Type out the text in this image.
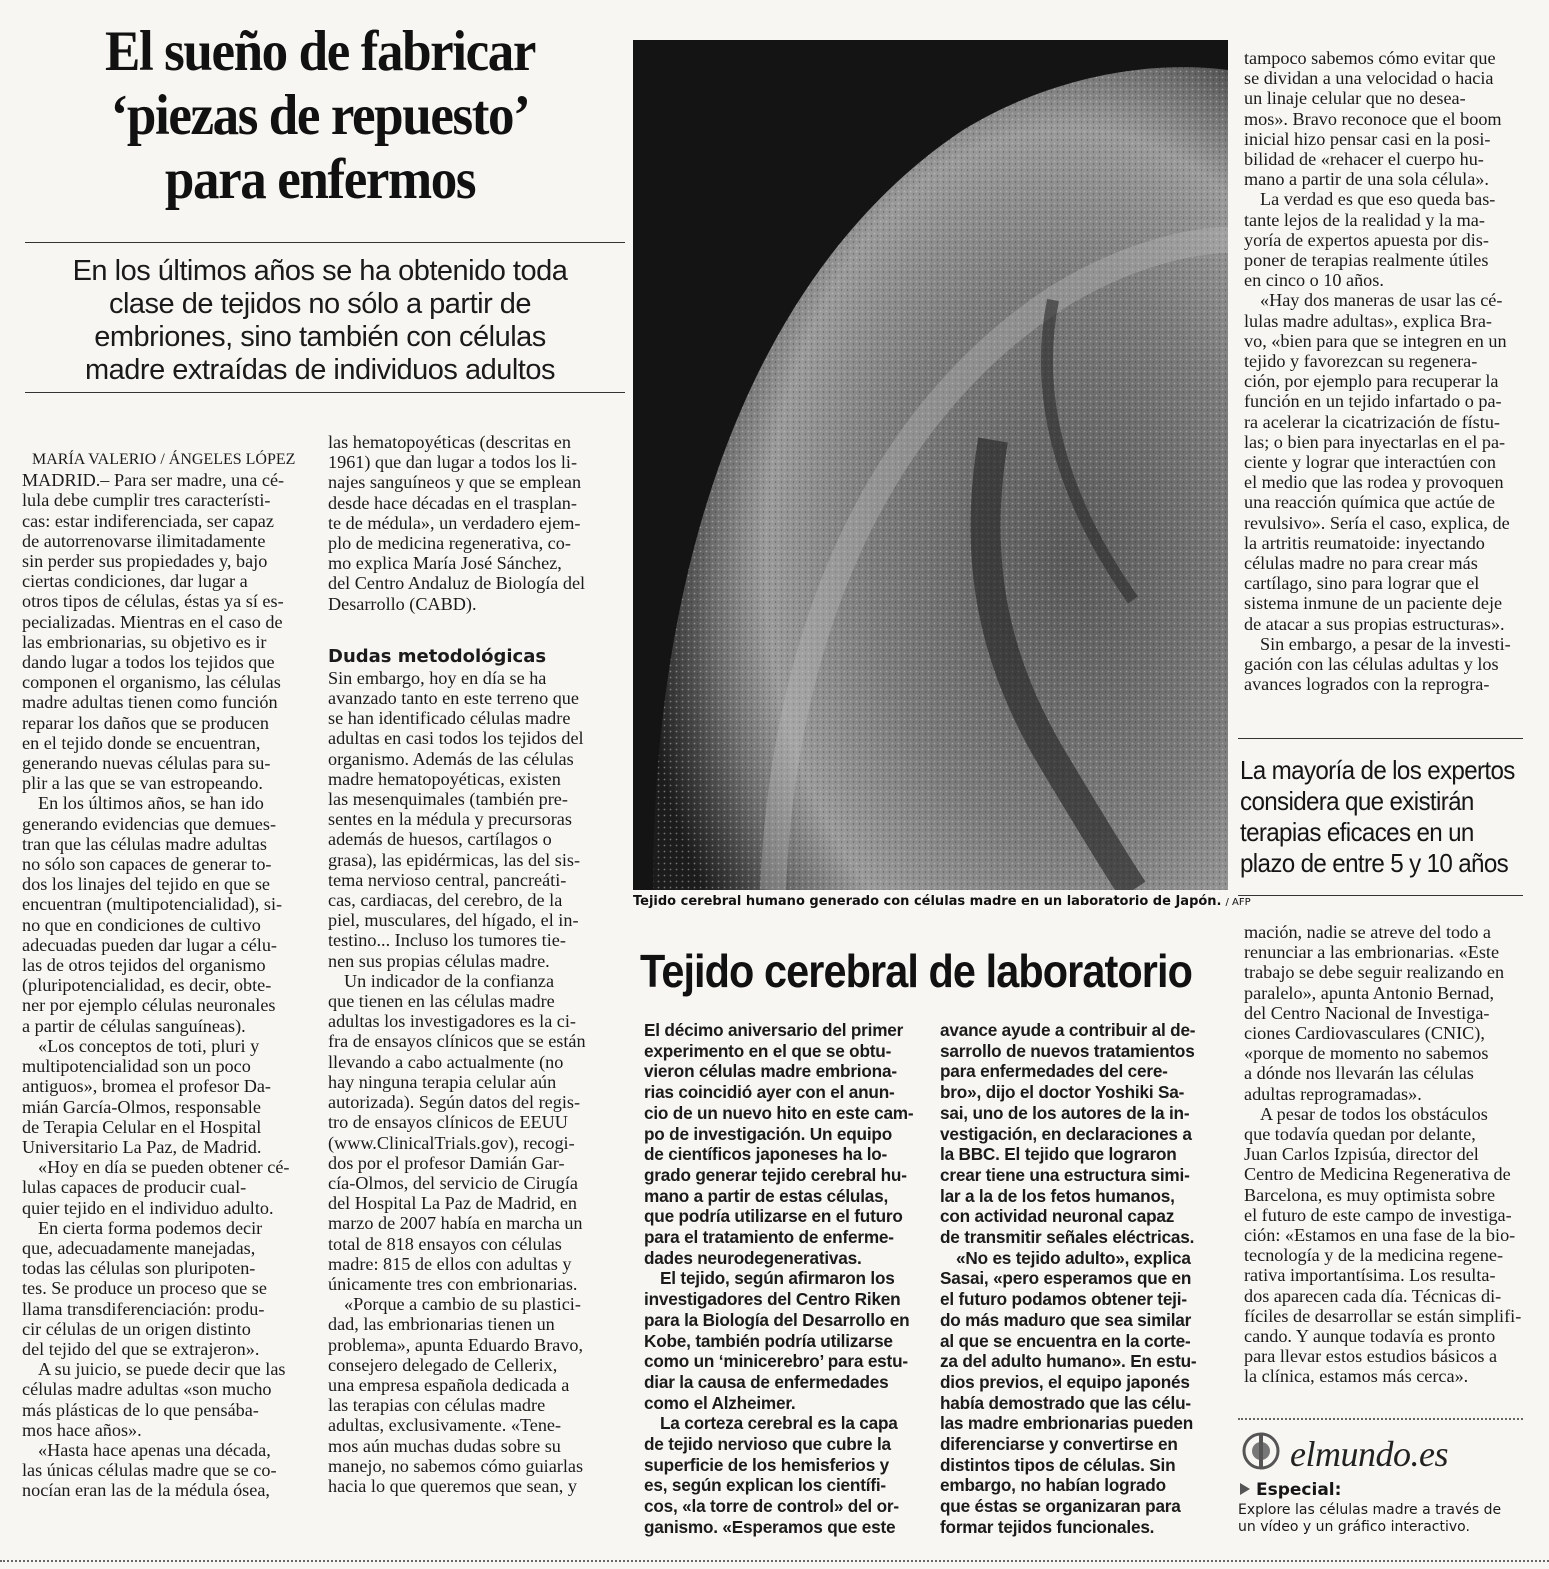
El sueño de fabricar
‘piezas de repuesto’
para enfermos
En los últimos años se ha obtenido toda
clase de tejidos no sólo a partir de
embriones, sino también con células
madre extraídas de individuos adultos

MARÍA VALERIO / ÁNGELES LÓPEZ

MADRID.– Para ser madre, una cé-

lula debe cumplir tres característi-

cas: estar indiferenciada, ser capaz

de autorrenovarse ilimitadamente

sin perder sus propiedades y, bajo

ciertas condiciones, dar lugar a

otros tipos de células, éstas ya sí es-

pecializadas. Mientras en el caso de

las embrionarias, su objetivo es ir

dando lugar a todos los tejidos que

componen el organismo, las células

madre adultas tienen como función

reparar los daños que se producen

en el tejido donde se encuentran,

generando nuevas células para su-

plir a las que se van estropeando.

En los últimos años, se han ido

generando evidencias que demues-

tran que las células madre adultas

no sólo son capaces de generar to-

dos los linajes del tejido en que se

encuentran (multipotencialidad), si-

no que en condiciones de cultivo

adecuadas pueden dar lugar a célu-

las de otros tejidos del organismo

(pluripotencialidad, es decir, obte-

ner por ejemplo células neuronales

a partir de células sanguíneas).

«Los conceptos de toti, pluri y

multipotencialidad son un poco

antiguos», bromea el profesor Da-

mián García-Olmos, responsable

de Terapia Celular en el Hospital

Universitario La Paz, de Madrid.

«Hoy en día se pueden obtener cé-

lulas capaces de producir cual-

quier tejido en el individuo adulto.

En cierta forma podemos decir

que, adecuadamente manejadas,

todas las células son pluripoten-

tes. Se produce un proceso que se

llama transdiferenciación: produ-

cir células de un origen distinto

del tejido del que se extrajeron».

A su juicio, se puede decir que las

células madre adultas «son mucho

más plásticas de lo que pensába-

mos hace años».

«Hasta hace apenas una década,

las únicas células madre que se co-

nocían eran las de la médula ósea,

las hematopoyéticas (descritas en

1961) que dan lugar a todos los li-

najes sanguíneos y que se emplean

desde hace décadas en el trasplan-

te de médula», un verdadero ejem-

plo de medicina regenerativa, co-

mo explica María José Sánchez,

del Centro Andaluz de Biología del

Desarrollo (CABD).

Dudas metodológicas

Sin embargo, hoy en día se ha

avanzado tanto en este terreno que

se han identificado células madre

adultas en casi todos los tejidos del

organismo. Además de las células

madre hematopoyéticas, existen

las mesenquimales (también pre-

sentes en la médula y precursoras

además de huesos, cartílagos o

grasa), las epidérmicas, las del sis-

tema nervioso central, pancreáti-

cas, cardiacas, del cerebro, de la

piel, musculares, del hígado, el in-

testino... Incluso los tumores tie-

nen sus propias células madre.

Un indicador de la confianza

que tienen en las células madre

adultas los investigadores es la ci-

fra de ensayos clínicos que se están

llevando a cabo actualmente (no

hay ninguna terapia celular aún

autorizada). Según datos del regis-

tro de ensayos clínicos de EEUU

(www.ClinicalTrials.gov), recogi-

dos por el profesor Damián Gar-

cía-Olmos, del servicio de Cirugía

del Hospital La Paz de Madrid, en

marzo de 2007 había en marcha un

total de 818 ensayos con células

madre: 815 de ellos con adultas y

únicamente tres con embrionarias.

«Porque a cambio de su plastici-

dad, las embrionarias tienen un

problema», apunta Eduardo Bravo,

consejero delegado de Cellerix,

una empresa española dedicada a

las terapias con células madre

adultas, exclusivamente. «Tene-

mos aún muchas dudas sobre su

manejo, no sabemos cómo guiarlas

hacia lo que queremos que sean, y

Tejido cerebral humano generado con células madre en un laboratorio de Japón. / AFP

tampoco sabemos cómo evitar que

se dividan a una velocidad o hacia

un linaje celular que no desea-

mos». Bravo reconoce que el boom

inicial hizo pensar casi en la posi-

bilidad de «rehacer el cuerpo hu-

mano a partir de una sola célula».

La verdad es que eso queda bas-

tante lejos de la realidad y la ma-

yoría de expertos apuesta por dis-

poner de terapias realmente útiles

en cinco o 10 años.

«Hay dos maneras de usar las cé-

lulas madre adultas», explica Bra-

vo, «bien para que se integren en un

tejido y favorezcan su regenera-

ción, por ejemplo para recuperar la

función en un tejido infartado o pa-

ra acelerar la cicatrización de fístu-

las; o bien para inyectarlas en el pa-

ciente y lograr que interactúen con

el medio que las rodea y provoquen

una reacción química que actúe de

revulsivo». Sería el caso, explica, de

la artritis reumatoide: inyectando

células madre no para crear más

cartílago, sino para lograr que el

sistema inmune de un paciente deje

de atacar a sus propias estructuras».

Sin embargo, a pesar de la investi-

gación con las células adultas y los

avances logrados con la reprogra-

La mayoría de los expertos
considera que existirán
terapias eficaces en un
plazo de entre 5 y 10 años

mación, nadie se atreve del todo a

renunciar a las embrionarias. «Este

trabajo se debe seguir realizando en

paralelo», apunta Antonio Bernad,

del Centro Nacional de Investiga-

ciones Cardiovasculares (CNIC),

«porque de momento no sabemos

a dónde nos llevarán las células

adultas reprogramadas».

A pesar de todos los obstáculos

que todavía quedan por delante,

Juan Carlos Izpisúa, director del

Centro de Medicina Regenerativa de

Barcelona, es muy optimista sobre

el futuro de este campo de investiga-

ción: «Estamos en una fase de la bio-

tecnología y de la medicina regene-

rativa importantísima. Los resulta-

dos aparecen cada día. Técnicas di-

fíciles de desarrollar se están simplifi-

cando. Y aunque todavía es pronto

para llevar estos estudios básicos a

la clínica, estamos más cerca».

Tejido cerebral de laboratorio

El décimo aniversario del primer

experimento en el que se obtu-

vieron células madre embriona-

rias coincidió ayer con el anun-

cio de un nuevo hito en este cam-

po de investigación. Un equipo

de científicos japoneses ha lo-

grado generar tejido cerebral hu-

mano a partir de estas células,

que podría utilizarse en el futuro

para el tratamiento de enferme-

dades neurodegenerativas.

El tejido, según afirmaron los

investigadores del Centro Riken

para la Biología del Desarrollo en

Kobe, también podría utilizarse

como un ‘minicerebro’ para estu-

diar la causa de enfermedades

como el Alzheimer.

La corteza cerebral es la capa

de tejido nervioso que cubre la

superficie de los hemisferios y

es, según explican los científi-

cos, «la torre de control» del or-

ganismo. «Esperamos que este

avance ayude a contribuir al de-

sarrollo de nuevos tratamientos

para enfermedades del cere-

bro», dijo el doctor Yoshiki Sa-

sai, uno de los autores de la in-

vestigación, en declaraciones a

la BBC. El tejido que lograron

crear tiene una estructura simi-

lar a la de los fetos humanos,

con actividad neuronal capaz

de transmitir señales eléctricas.

«No es tejido adulto», explica

Sasai, «pero esperamos que en

el futuro podamos obtener teji-

do más maduro que sea similar

al que se encuentra en la corte-

za del adulto humano». En estu-

dios previos, el equipo japonés

había demostrado que las célu-

las madre embrionarias pueden

diferenciarse y convertirse en

distintos tipos de células. Sin

embargo, no habían logrado

que éstas se organizaran para

formar tejidos funcionales.

elmundo.es
Especial:
Explore las células madre a través de
un vídeo y un gráfico interactivo.
